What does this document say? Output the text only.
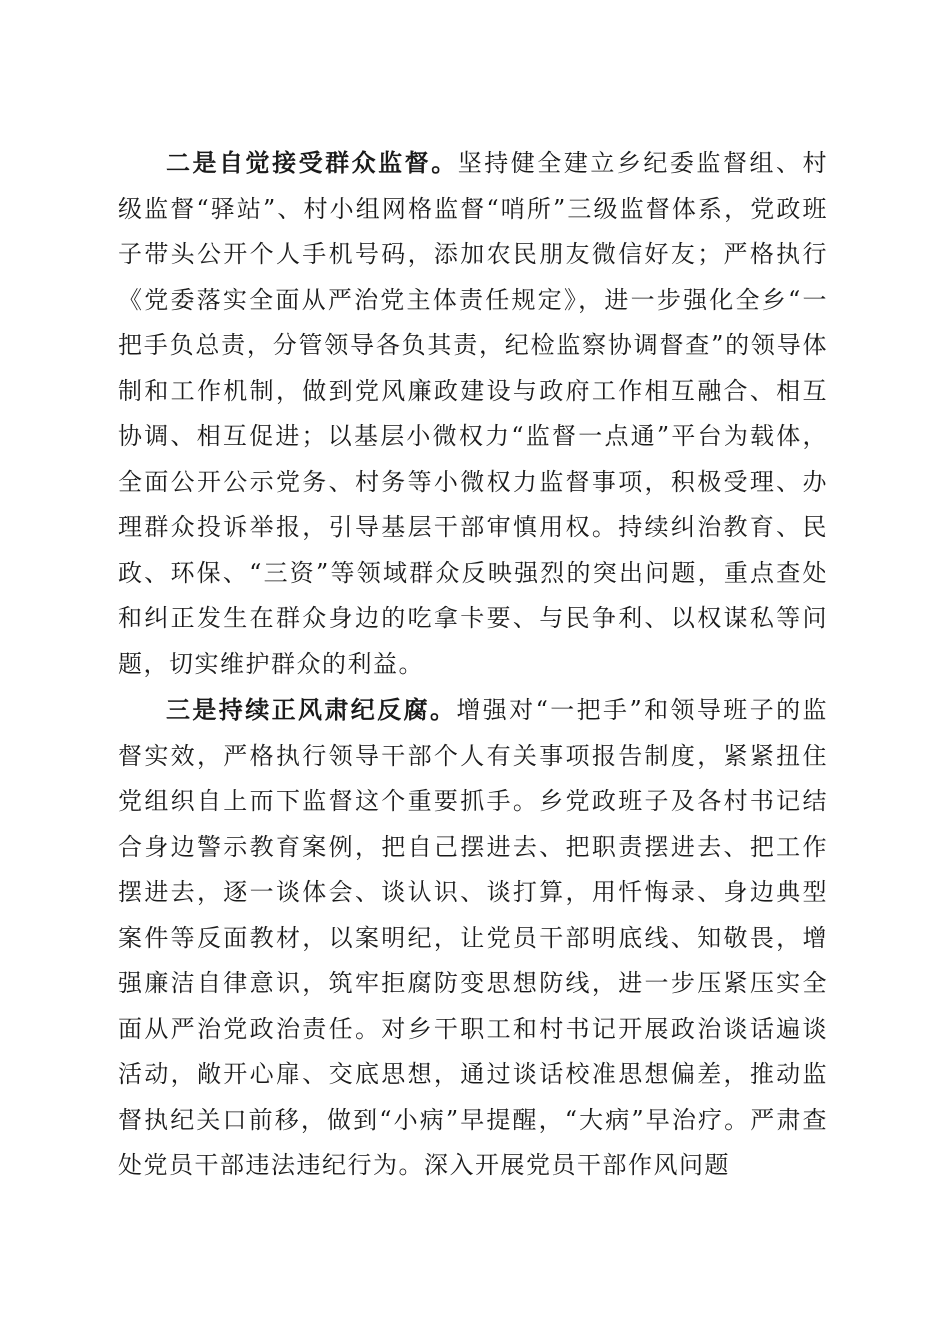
二是自觉接受群众监督。坚持健全建立乡纪委监督组、村级监督“驿站”、村小组网格监督“哨所”三级监督体系，党政班子带头公开个人手机号码，添加农民朋友微信好友；严格执行《党委落实全面从严治党主体责任规定》，进一步强化全乡“一把手负总责，分管领导各负其责，纪检监察协调督查”的领导体制和工作机制，做到党风廉政建设与政府工作相互融合、相互协调、相互促进；以基层小微权力“监督一点通”平台为载体，全面公开公示党务、村务等小微权力监督事项，积极受理、办理群众投诉举报，引导基层干部审慎用权。持续纠治教育、民政、环保、“三资”等领域群众反映强烈的突出问题，重点查处和纠正发生在群众身边的吃拿卡要、与民争利、以权谋私等问题，切实维护群众的利益。

三是持续正风肃纪反腐。增强对“一把手”和领导班子的监督实效，严格执行领导干部个人有关事项报告制度，紧紧扭住党组织自上而下监督这个重要抓手。乡党政班子及各村书记结合身边警示教育案例，把自己摆进去、把职责摆进去、把工作摆进去，逐一谈体会、谈认识、谈打算，用忏悔录、身边典型案件等反面教材，以案明纪，让党员干部明底线、知敬畏，增强廉洁自律意识，筑牢拒腐防变思想防线，进一步压紧压实全面从严治党政治责任。对乡干职工和村书记开展政治谈话遍谈活动，敞开心扉、交底思想，通过谈话校准思想偏差，推动监督执纪关口前移，做到“小病”早提醒，“大病”早治疗。严肃查处党员干部违法违纪行为。深入开展党员干部作风问题
